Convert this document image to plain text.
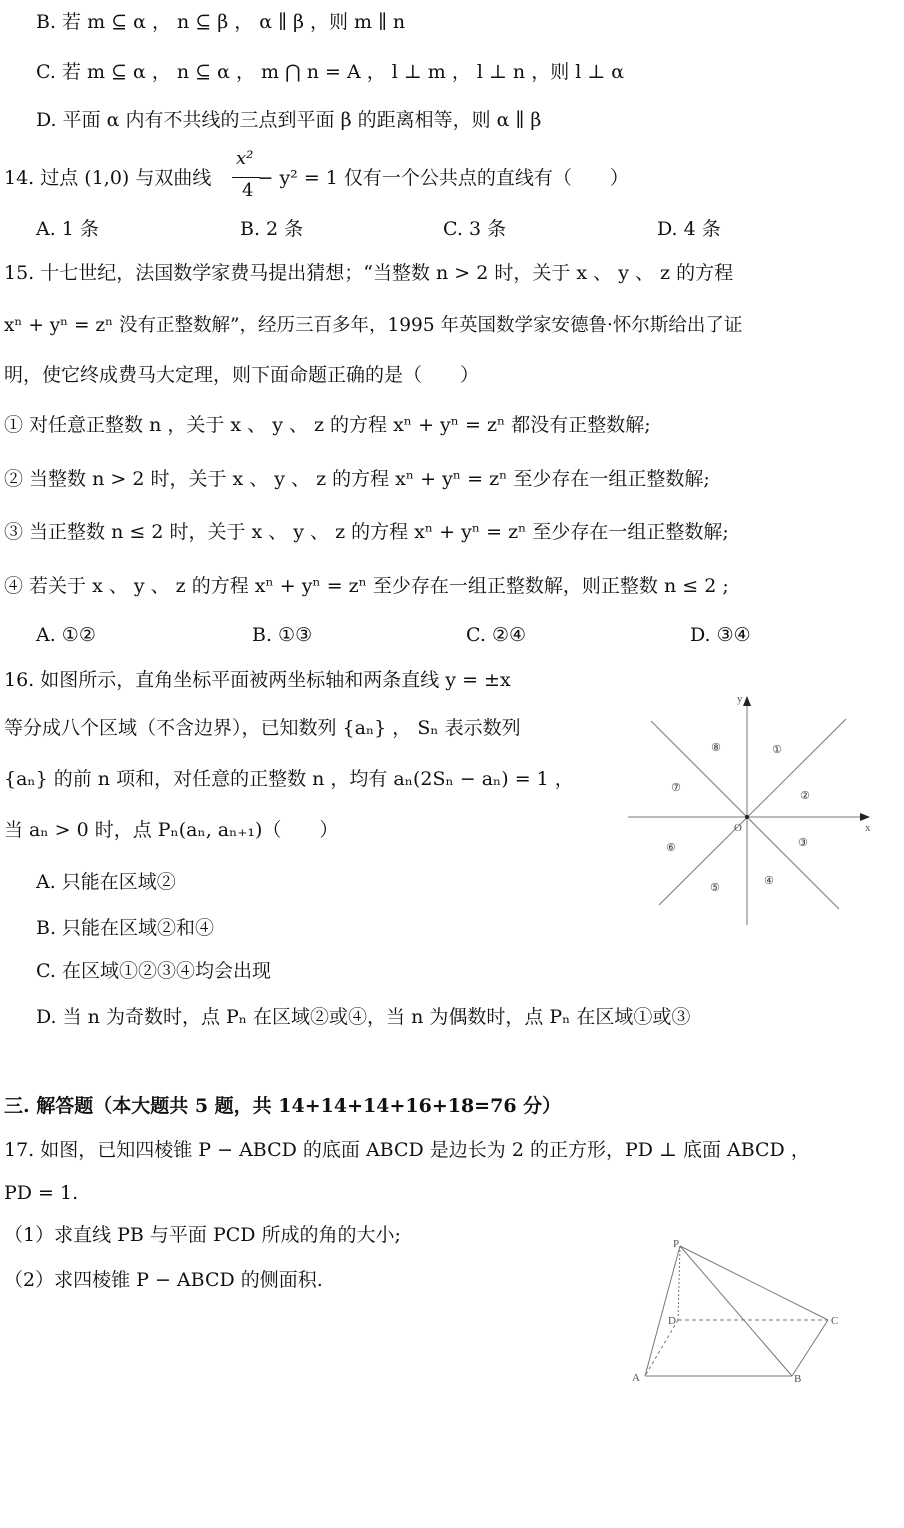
B. 若 m ⊆ α ， n ⊆ β ， α ∥ β ，则 m ∥ n
C. 若 m ⊆ α ， n ⊆ α ， m ⋂ n = A ， l ⊥ m ， l ⊥ n ，则 l ⊥ α
D. 平面 α 内有不共线的三点到平面 β 的距离相等，则 α ∥ β
14. 过点 (1,0) 与双曲线 − y² = 1 仅有一个公共点的直线有（　　）
x²
4
A. 1 条	B. 2 条	C. 3 条	D. 4 条
15. 十七世纪，法国数学家费马提出猜想；“当整数 n > 2 时，关于 x 、 y 、 z 的方程
xⁿ + yⁿ = zⁿ 没有正整数解”，经历三百多年，1995 年英国数学家安德鲁·怀尔斯给出了证
明，使它终成费马大定理，则下面命题正确的是（　　）
① 对任意正整数 n ，关于 x 、 y 、 z 的方程 xⁿ + yⁿ = zⁿ 都没有正整数解;
② 当整数 n > 2 时，关于 x 、 y 、 z 的方程 xⁿ + yⁿ = zⁿ 至少存在一组正整数解;
③ 当正整数 n ≤ 2 时，关于 x 、 y 、 z 的方程 xⁿ + yⁿ = zⁿ 至少存在一组正整数解;
④ 若关于 x 、 y 、 z 的方程 xⁿ + yⁿ = zⁿ 至少存在一组正整数解，则正整数 n ≤ 2 ;
A. ①②	B. ①③	C. ②④	D. ③④
16. 如图所示，直角坐标平面被两坐标轴和两条直线 y = ±x
等分成八个区域（不含边界），已知数列 {aₙ} ， Sₙ 表示数列
{aₙ} 的前 n 项和，对任意的正整数 n ，均有 aₙ(2Sₙ − aₙ) = 1 ，
当 aₙ > 0 时，点 Pₙ(aₙ, aₙ₊₁)（　　）
A. 只能在区域②
B. 只能在区域②和④
C. 在区域①②③④均会出现
D. 当 n 为奇数时，点 Pₙ 在区域②或④，当 n 为偶数时，点 Pₙ 在区域①或③
三. 解答题（本大题共 5 题，共 14+14+14+16+18=76 分）
17. 如图，已知四棱锥 P − ABCD 的底面 ABCD 是边长为 2 的正方形，PD ⊥ 底面 ABCD ，
PD = 1.
（1）求直线 PB 与平面 PCD 所成的角的大小;
（2）求四棱锥 P − ABCD 的侧面积.
x
y
O
①
②
③
④
⑤
⑥
⑦
⑧
P
D	C
A	B
